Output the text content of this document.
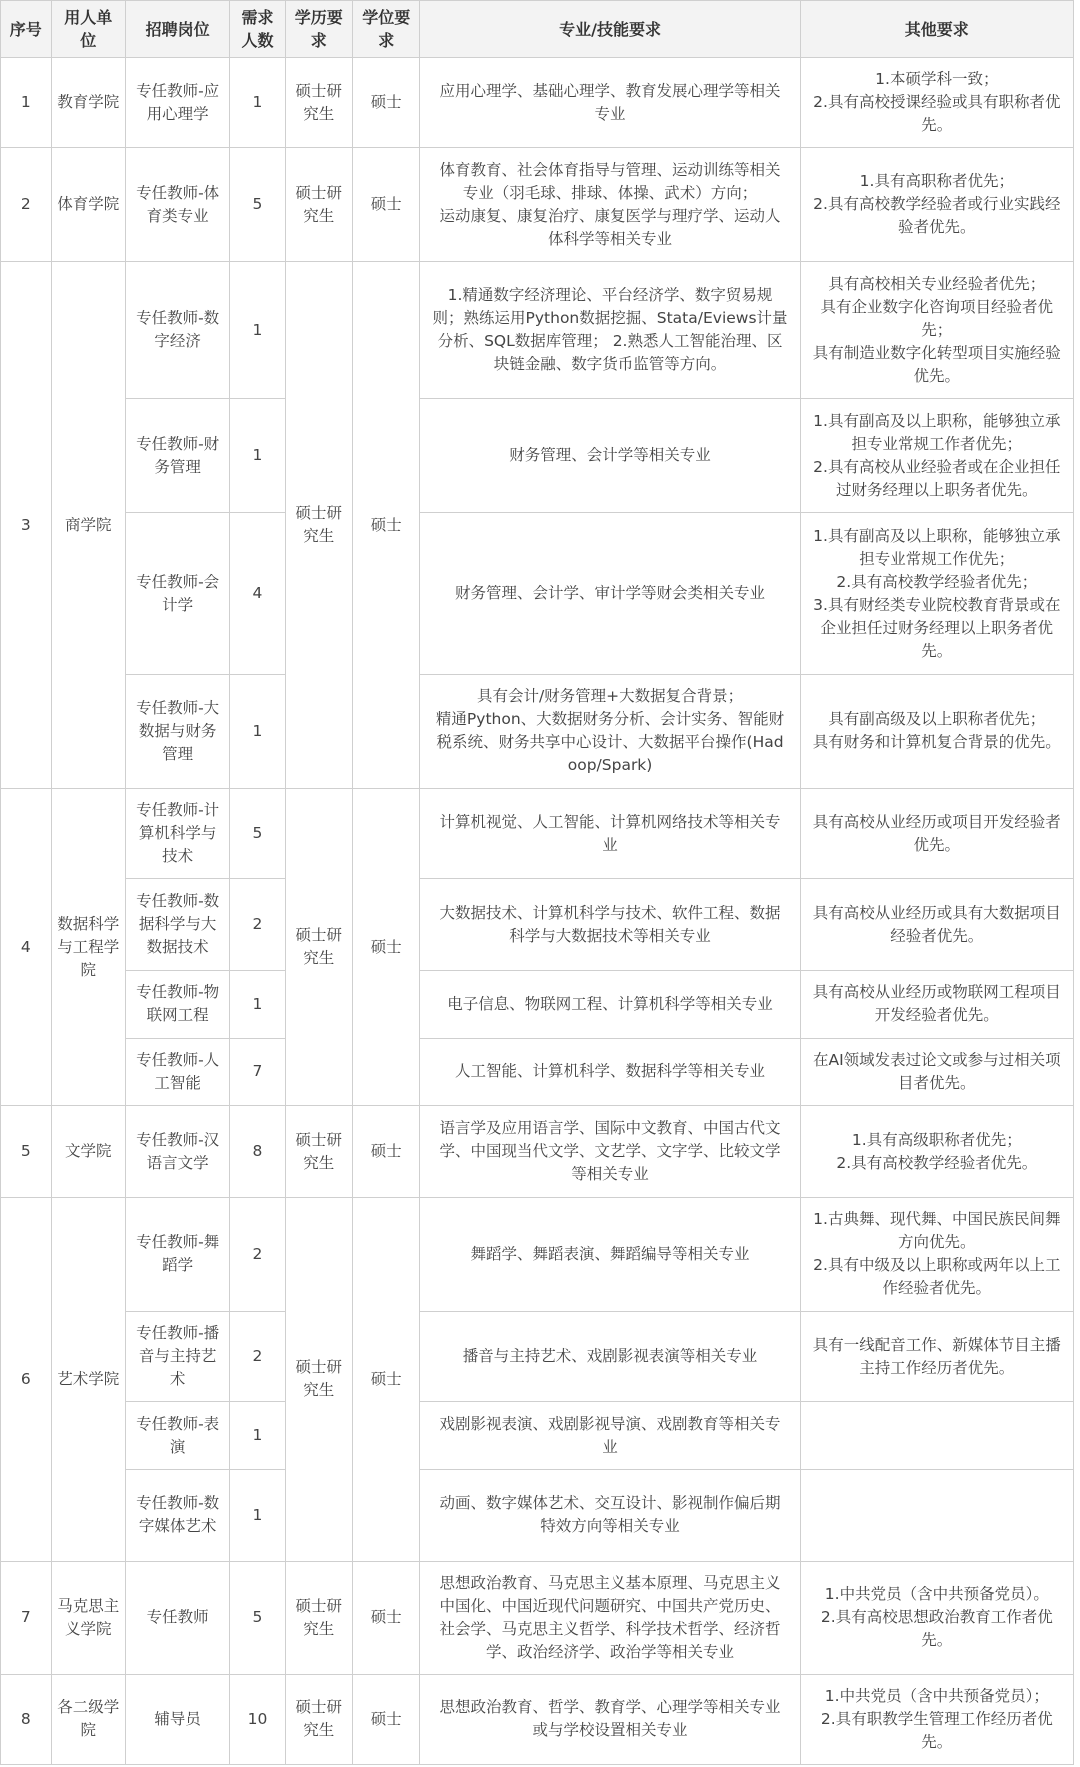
序号	用人单位	招聘岗位	需求人数	学历要求	学位要求	专业/技能要求	其他要求
1	教育学院	专任教师-应用心理学	1	硕士研究生	硕士	应用心理学、基础心理学、教育发展心理学等相关专业	1.本硕学科一致；
2.具有高校授课经验或具有职称者优先。

2	体育学院	专任教师-体育类专业	5	硕士研究生	硕士	体育教育、社会体育指导与管理、运动训练等相关专业（羽毛球、排球、体操、武术）方向；
运动康复、康复治疗、康复医学与理疗学、运动人体科学等相关专业	1.具有高职称者优先；
2.具有高校教学经验者或行业实践经验者优先。

3	商学院	专任教师-数字经济	1	硕士研究生	硕士	1.精通数字经济理论、平台经济学、数字贸易规则；熟练运用Python数据挖掘、Stata/Eviews计量分析、SQL数据库管理； 2.熟悉人工智能治理、区块链金融、数字货币监管等方向。	具有高校相关专业经验者优先；
具有企业数字化咨询项目经验者优先；
具有制造业数字化转型项目实施经验优先。

		专任教师-财务管理	1			财务管理、会计学等相关专业	1.具有副高及以上职称，能够独立承担专业常规工作者优先；
2.具有高校从业经验者或在企业担任过财务经理以上职务者优先。

		专任教师-会计学	4			财务管理、会计学、审计学等财会类相关专业	1.具有副高及以上职称，能够独立承担专业常规工作优先；
2.具有高校教学经验者优先；
3.具有财经类专业院校教育背景或在企业担任过财务经理以上职务者优先。

		专任教师-大数据与财务管理	1			具有会计/财务管理+大数据复合背景；
精通Python、大数据财务分析、会计实务、智能财税系统、财务共享中心设计、大数据平台操作(Hadoop/Spark)	具有副高级及以上职称者优先；
具有财务和计算机复合背景的优先。

4	数据科学与工程学院	专任教师-计算机科学与技术	5	硕士研究生	硕士	计算机视觉、人工智能、计算机网络技术等相关专业	具有高校从业经历或项目开发经验者优先。

		专任教师-数据科学与大数据技术	2			大数据技术、计算机科学与技术、软件工程、数据科学与大数据技术等相关专业	具有高校从业经历或具有大数据项目经验者优先。

		专任教师-物联网工程	1			电子信息、物联网工程、计算机科学等相关专业	具有高校从业经历或物联网工程项目开发经验者优先。

		专任教师-人工智能	7			人工智能、计算机科学、数据科学等相关专业	在AI领域发表过论文或参与过相关项目者优先。

5	文学院	专任教师-汉语言文学	8	硕士研究生	硕士	语言学及应用语言学、国际中文教育、中国古代文学、中国现当代文学、文艺学、文字学、比较文学等相关专业	1.具有高级职称者优先；
2.具有高校教学经验者优先。

6	艺术学院	专任教师-舞蹈学	2	硕士研究生	硕士	舞蹈学、舞蹈表演、舞蹈编导等相关专业	1.古典舞、现代舞、中国民族民间舞方向优先。
2.具有中级及以上职称或两年以上工作经验者优先。

		专任教师-播音与主持艺术	2			播音与主持艺术、戏剧影视表演等相关专业	具有一线配音工作、新媒体节目主播主持工作经历者优先。

		专任教师-表演	1			戏剧影视表演、戏剧影视导演、戏剧教育等相关专业	
		专任教师-数字媒体艺术	1			动画、数字媒体艺术、交互设计、影视制作偏后期特效方向等相关专业	
7	马克思主义学院	专任教师	5	硕士研究生	硕士	思想政治教育、马克思主义基本原理、马克思主义中国化、中国近现代问题研究、中国共产党历史、社会学、马克思主义哲学、科学技术哲学、经济哲学、政治经济学、政治学等相关专业	1.中共党员（含中共预备党员）。
2.具有高校思想政治教育工作者优先。

8	各二级学院	辅导员	10	硕士研究生	硕士	思想政治教育、哲学、教育学、心理学等相关专业或与学校设置相关专业	1.中共党员（含中共预备党员）；
2.具有职教学生管理工作经历者优先。
